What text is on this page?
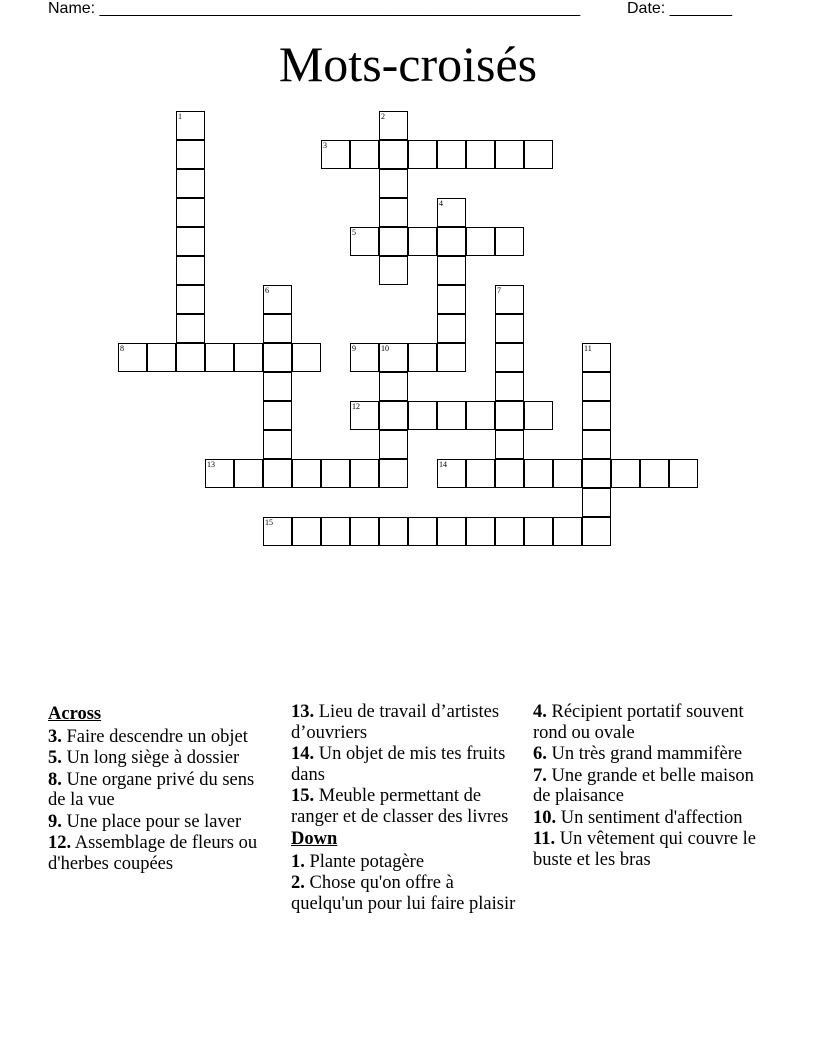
Name: ______________________________________________________	Date: _______
Mots-croisés
1	2
3
4
5
6	7
8	9	10	11
12
13	14
15
Across
3. Faire descendre un objet
5. Un long siège à dossier
8. Une organe privé du sens de la vue
9. Une place pour se laver
12. Assemblage de fleurs ou d'herbes coupées
13. Lieu de travail d’artistes d’ouvriers
14. Un objet de mis tes fruits dans
15. Meuble permettant de ranger et de classer des livres
Down
1. Plante potagère
2. Chose qu'on offre à quelqu'un pour lui faire plaisir
4. Récipient portatif souvent rond ou ovale
6. Un très grand mammifère
7. Une grande et belle maison de plaisance
10. Un sentiment d'affection
11. Un vêtement qui couvre le buste et les bras
